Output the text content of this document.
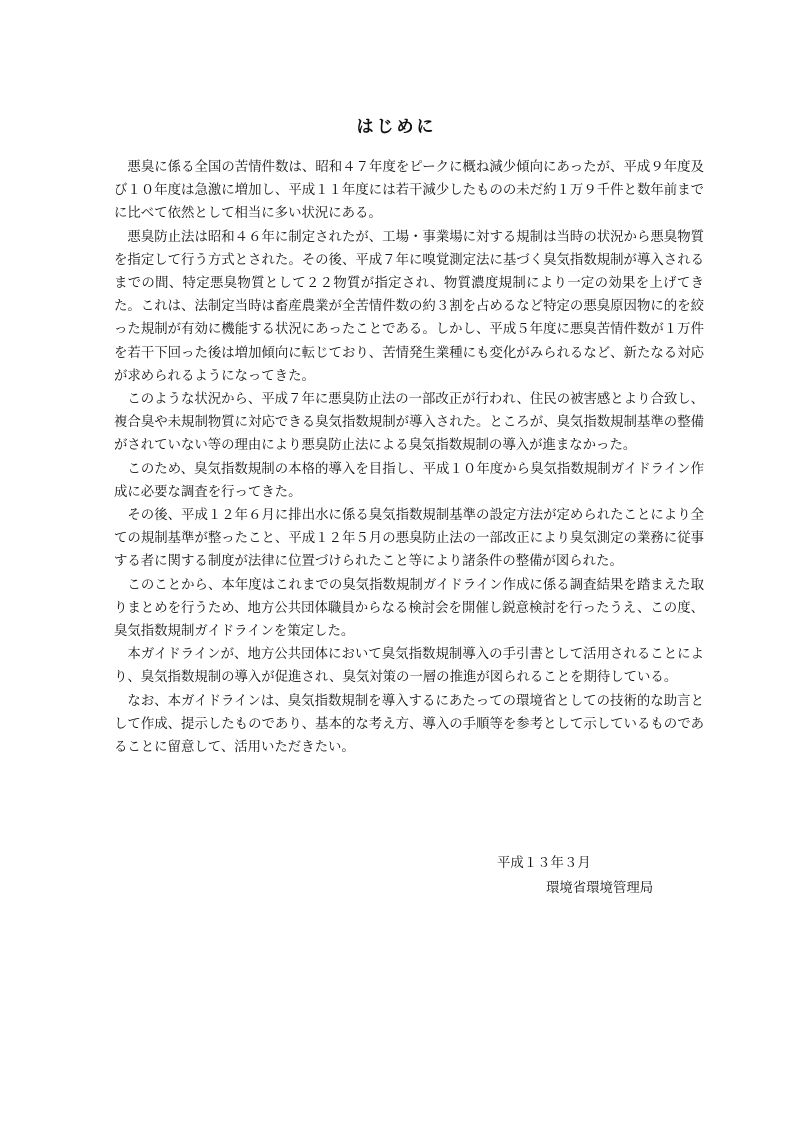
はじめに

悪臭に係る全国の苦情件数は、昭和４７年度をピークに概ね減少傾向にあったが、平成９年度及び１０年度は急激に増加し、平成１１年度には若干減少したものの未だ約１万９千件と数年前までに比べて依然として相当に多い状況にある。

悪臭防止法は昭和４６年に制定されたが、工場・事業場に対する規制は当時の状況から悪臭物質を指定して行う方式とされた。その後、平成７年に嗅覚測定法に基づく臭気指数規制が導入されるまでの間、特定悪臭物質として２２物質が指定され、物質濃度規制により一定の効果を上げてきた。これは、法制定当時は畜産農業が全苦情件数の約３割を占めるなど特定の悪臭原因物に的を絞った規制が有効に機能する状況にあったことである。しかし、平成５年度に悪臭苦情件数が１万件を若干下回った後は増加傾向に転じており、苦情発生業種にも変化がみられるなど、新たなる対応が求められるようになってきた。

このような状況から、平成７年に悪臭防止法の一部改正が行われ、住民の被害感とより合致し、複合臭や未規制物質に対応できる臭気指数規制が導入された。ところが、臭気指数規制基準の整備がされていない等の理由により悪臭防止法による臭気指数規制の導入が進まなかった。

このため、臭気指数規制の本格的導入を目指し、平成１０年度から臭気指数規制ガイドライン作成に必要な調査を行ってきた。

その後、平成１２年６月に排出水に係る臭気指数規制基準の設定方法が定められたことにより全ての規制基準が整ったこと、平成１２年５月の悪臭防止法の一部改正により臭気測定の業務に従事する者に関する制度が法律に位置づけられたこと等により諸条件の整備が図られた。

このことから、本年度はこれまでの臭気指数規制ガイドライン作成に係る調査結果を踏まえた取りまとめを行うため、地方公共団体職員からなる検討会を開催し鋭意検討を行ったうえ、この度、臭気指数規制ガイドラインを策定した。

本ガイドラインが、地方公共団体において臭気指数規制導入の手引書として活用されることにより、臭気指数規制の導入が促進され、臭気対策の一層の推進が図られることを期待している。

なお、本ガイドラインは、臭気指数規制を導入するにあたっての環境省としての技術的な助言として作成、提示したものであり、基本的な考え方、導入の手順等を参考として示しているものであることに留意して、活用いただきたい。

平成１３年３月
環境省環境管理局
